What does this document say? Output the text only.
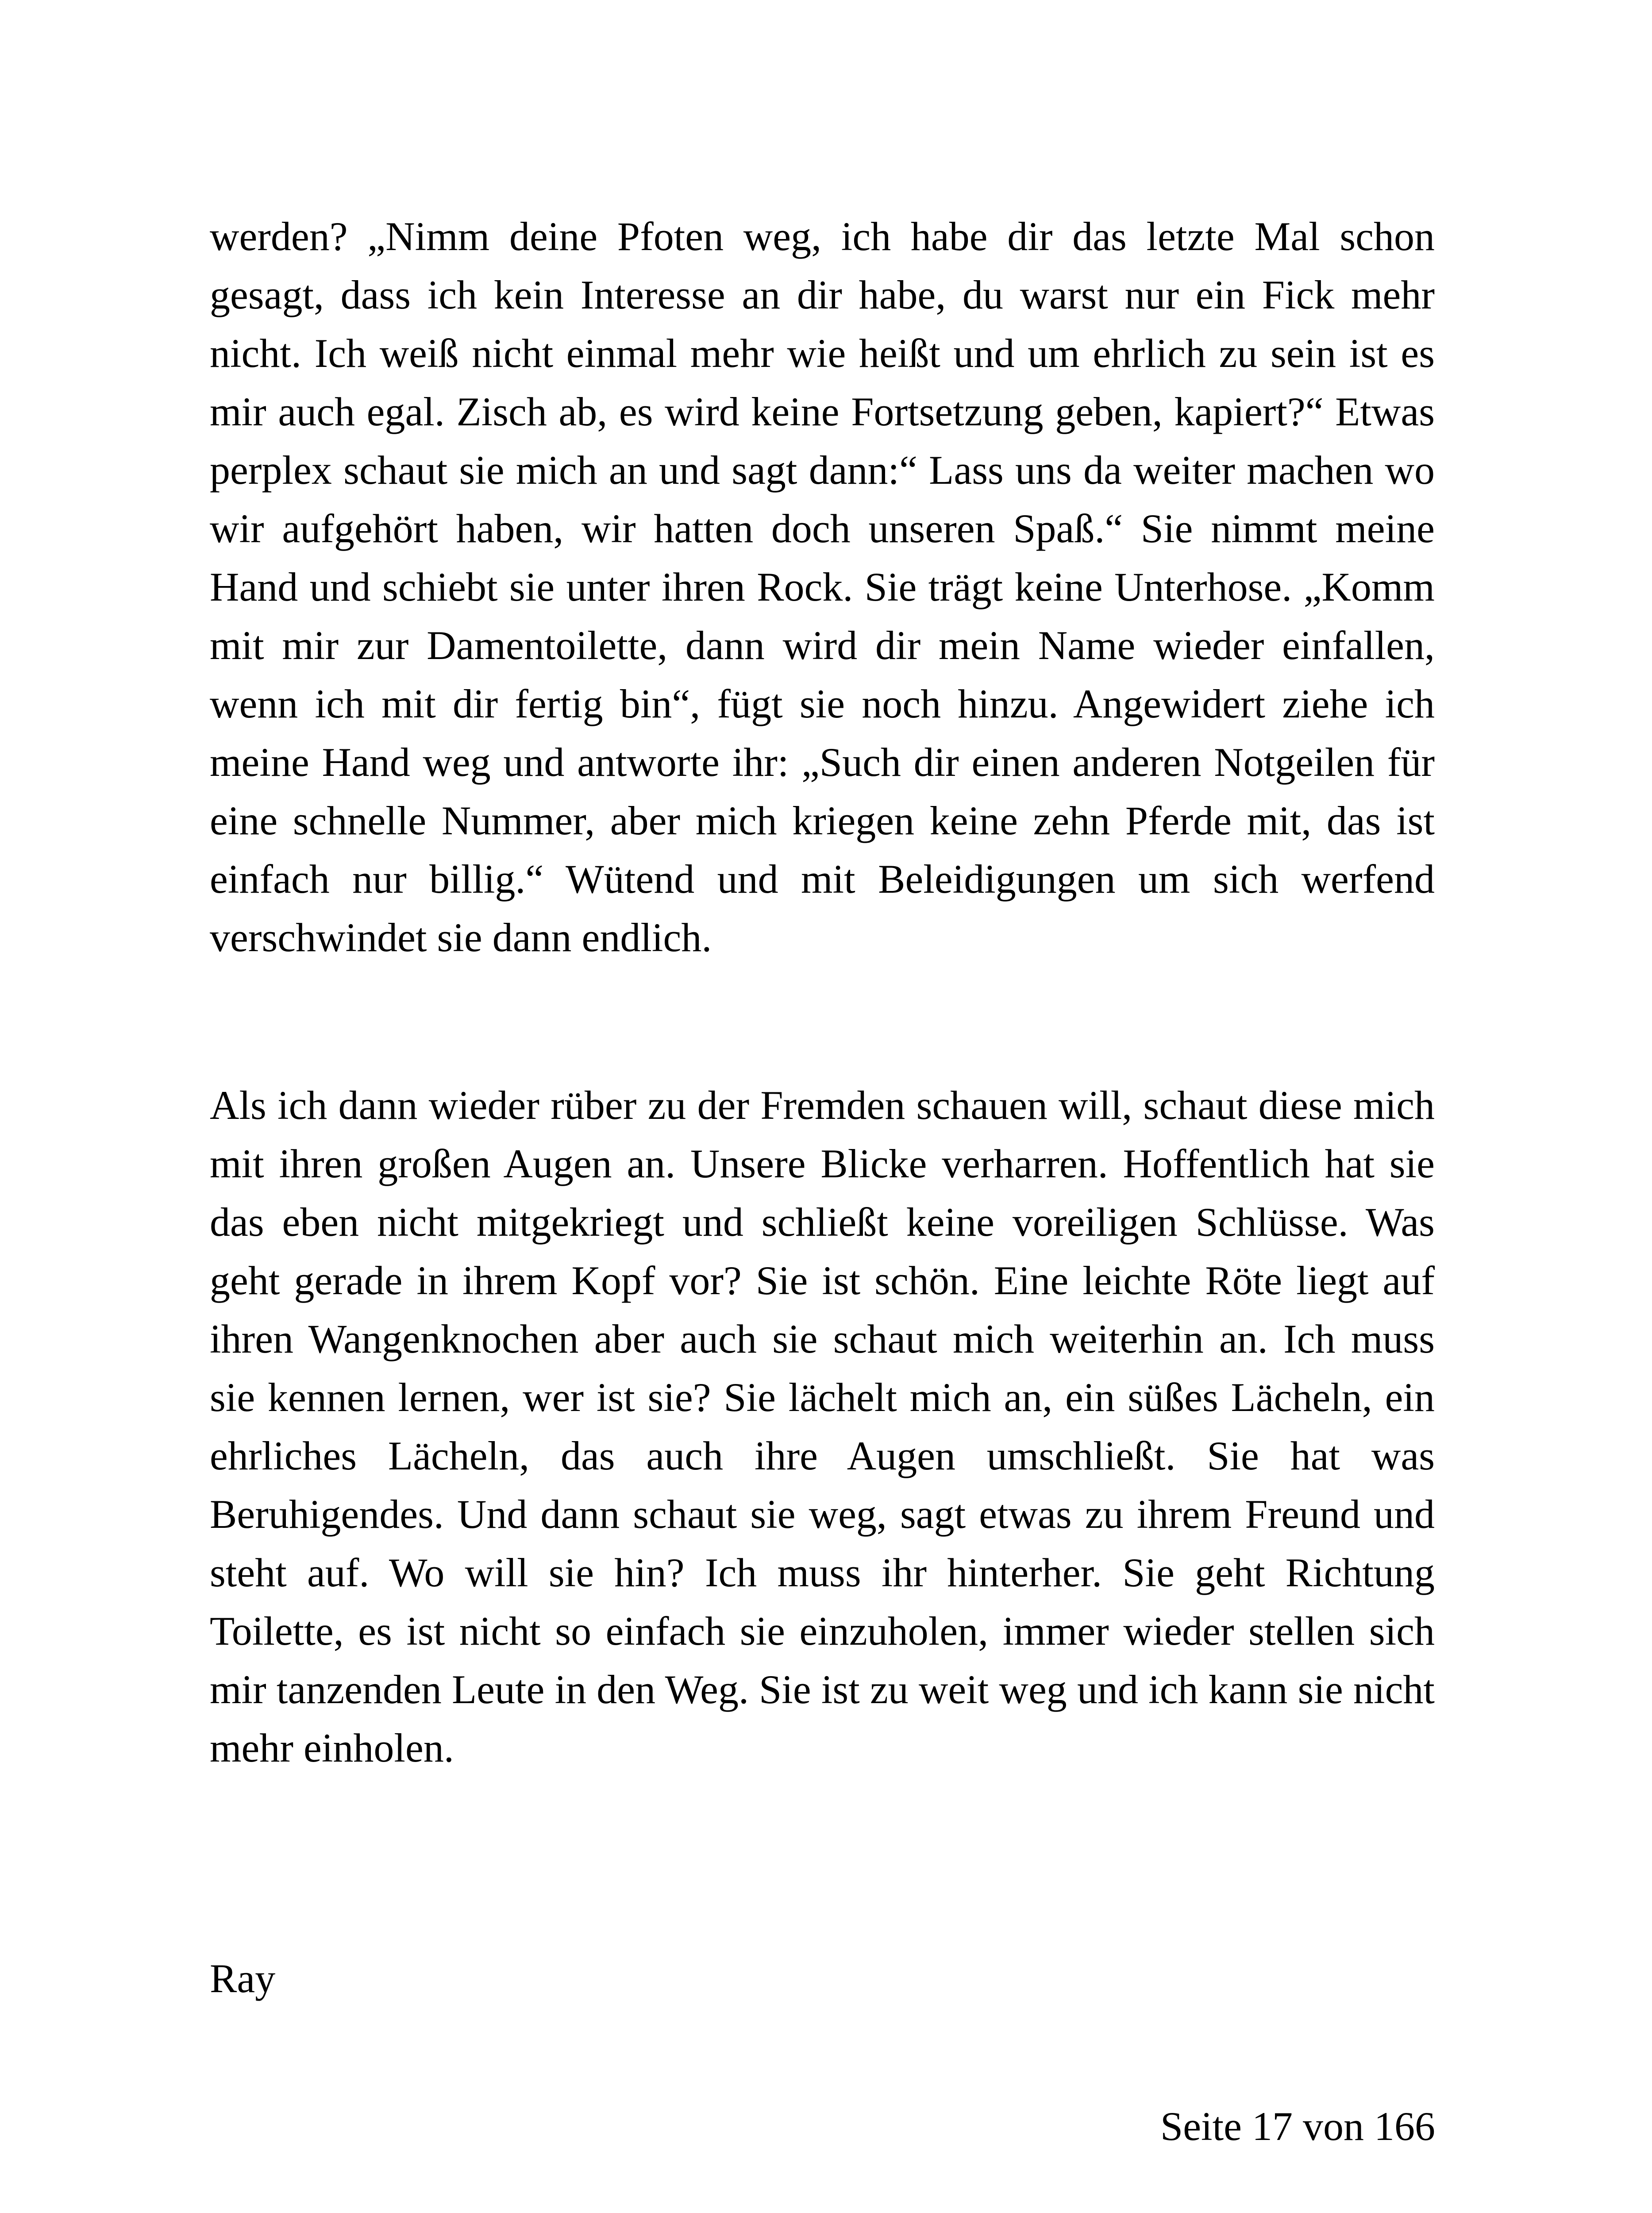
werden? „Nimm deine Pfoten weg, ich habe dir das letzte Mal schon gesagt, dass ich kein Interesse an dir habe, du warst nur ein Fick mehr nicht. Ich weiß nicht einmal mehr wie heißt und um ehrlich zu sein ist es mir auch egal. Zisch ab, es wird keine Fortsetzung geben, kapiert?“ Etwas perplex schaut sie mich an und sagt dann:“ Lass uns da weiter machen wo wir aufgehört haben, wir hatten doch unseren Spaß.“ Sie nimmt meine Hand und schiebt sie unter ihren Rock. Sie trägt keine Unterhose. „Komm mit mir zur Damentoilette, dann wird dir mein Name wieder einfallen, wenn ich mit dir fertig bin“, fügt sie noch hinzu. Angewidert ziehe ich meine Hand weg und antworte ihr: „Such dir einen anderen Notgeilen für eine schnelle Nummer, aber mich kriegen keine zehn Pferde mit, das ist einfach nur billig.“ Wütend und mit Beleidigungen um sich werfend verschwindet sie dann endlich.

Als ich dann wieder rüber zu der Fremden schauen will, schaut diese mich mit ihren großen Augen an. Unsere Blicke verharren. Hoffentlich hat sie das eben nicht mitgekriegt und schließt keine voreiligen Schlüsse. Was geht gerade in ihrem Kopf vor? Sie ist schön. Eine leichte Röte liegt auf ihren Wangenknochen aber auch sie schaut mich weiterhin an. Ich muss sie kennen lernen, wer ist sie? Sie lächelt mich an, ein süßes Lächeln, ein ehrliches Lächeln, das auch ihre Augen umschließt. Sie hat was Beruhigendes. Und dann schaut sie weg, sagt etwas zu ihrem Freund und steht auf. Wo will sie hin? Ich muss ihr hinterher. Sie geht Richtung Toilette, es ist nicht so einfach sie einzuholen, immer wieder stellen sich mir tanzenden Leute in den Weg. Sie ist zu weit weg und ich kann sie nicht mehr einholen.

Ray

Seite 17 von 166
